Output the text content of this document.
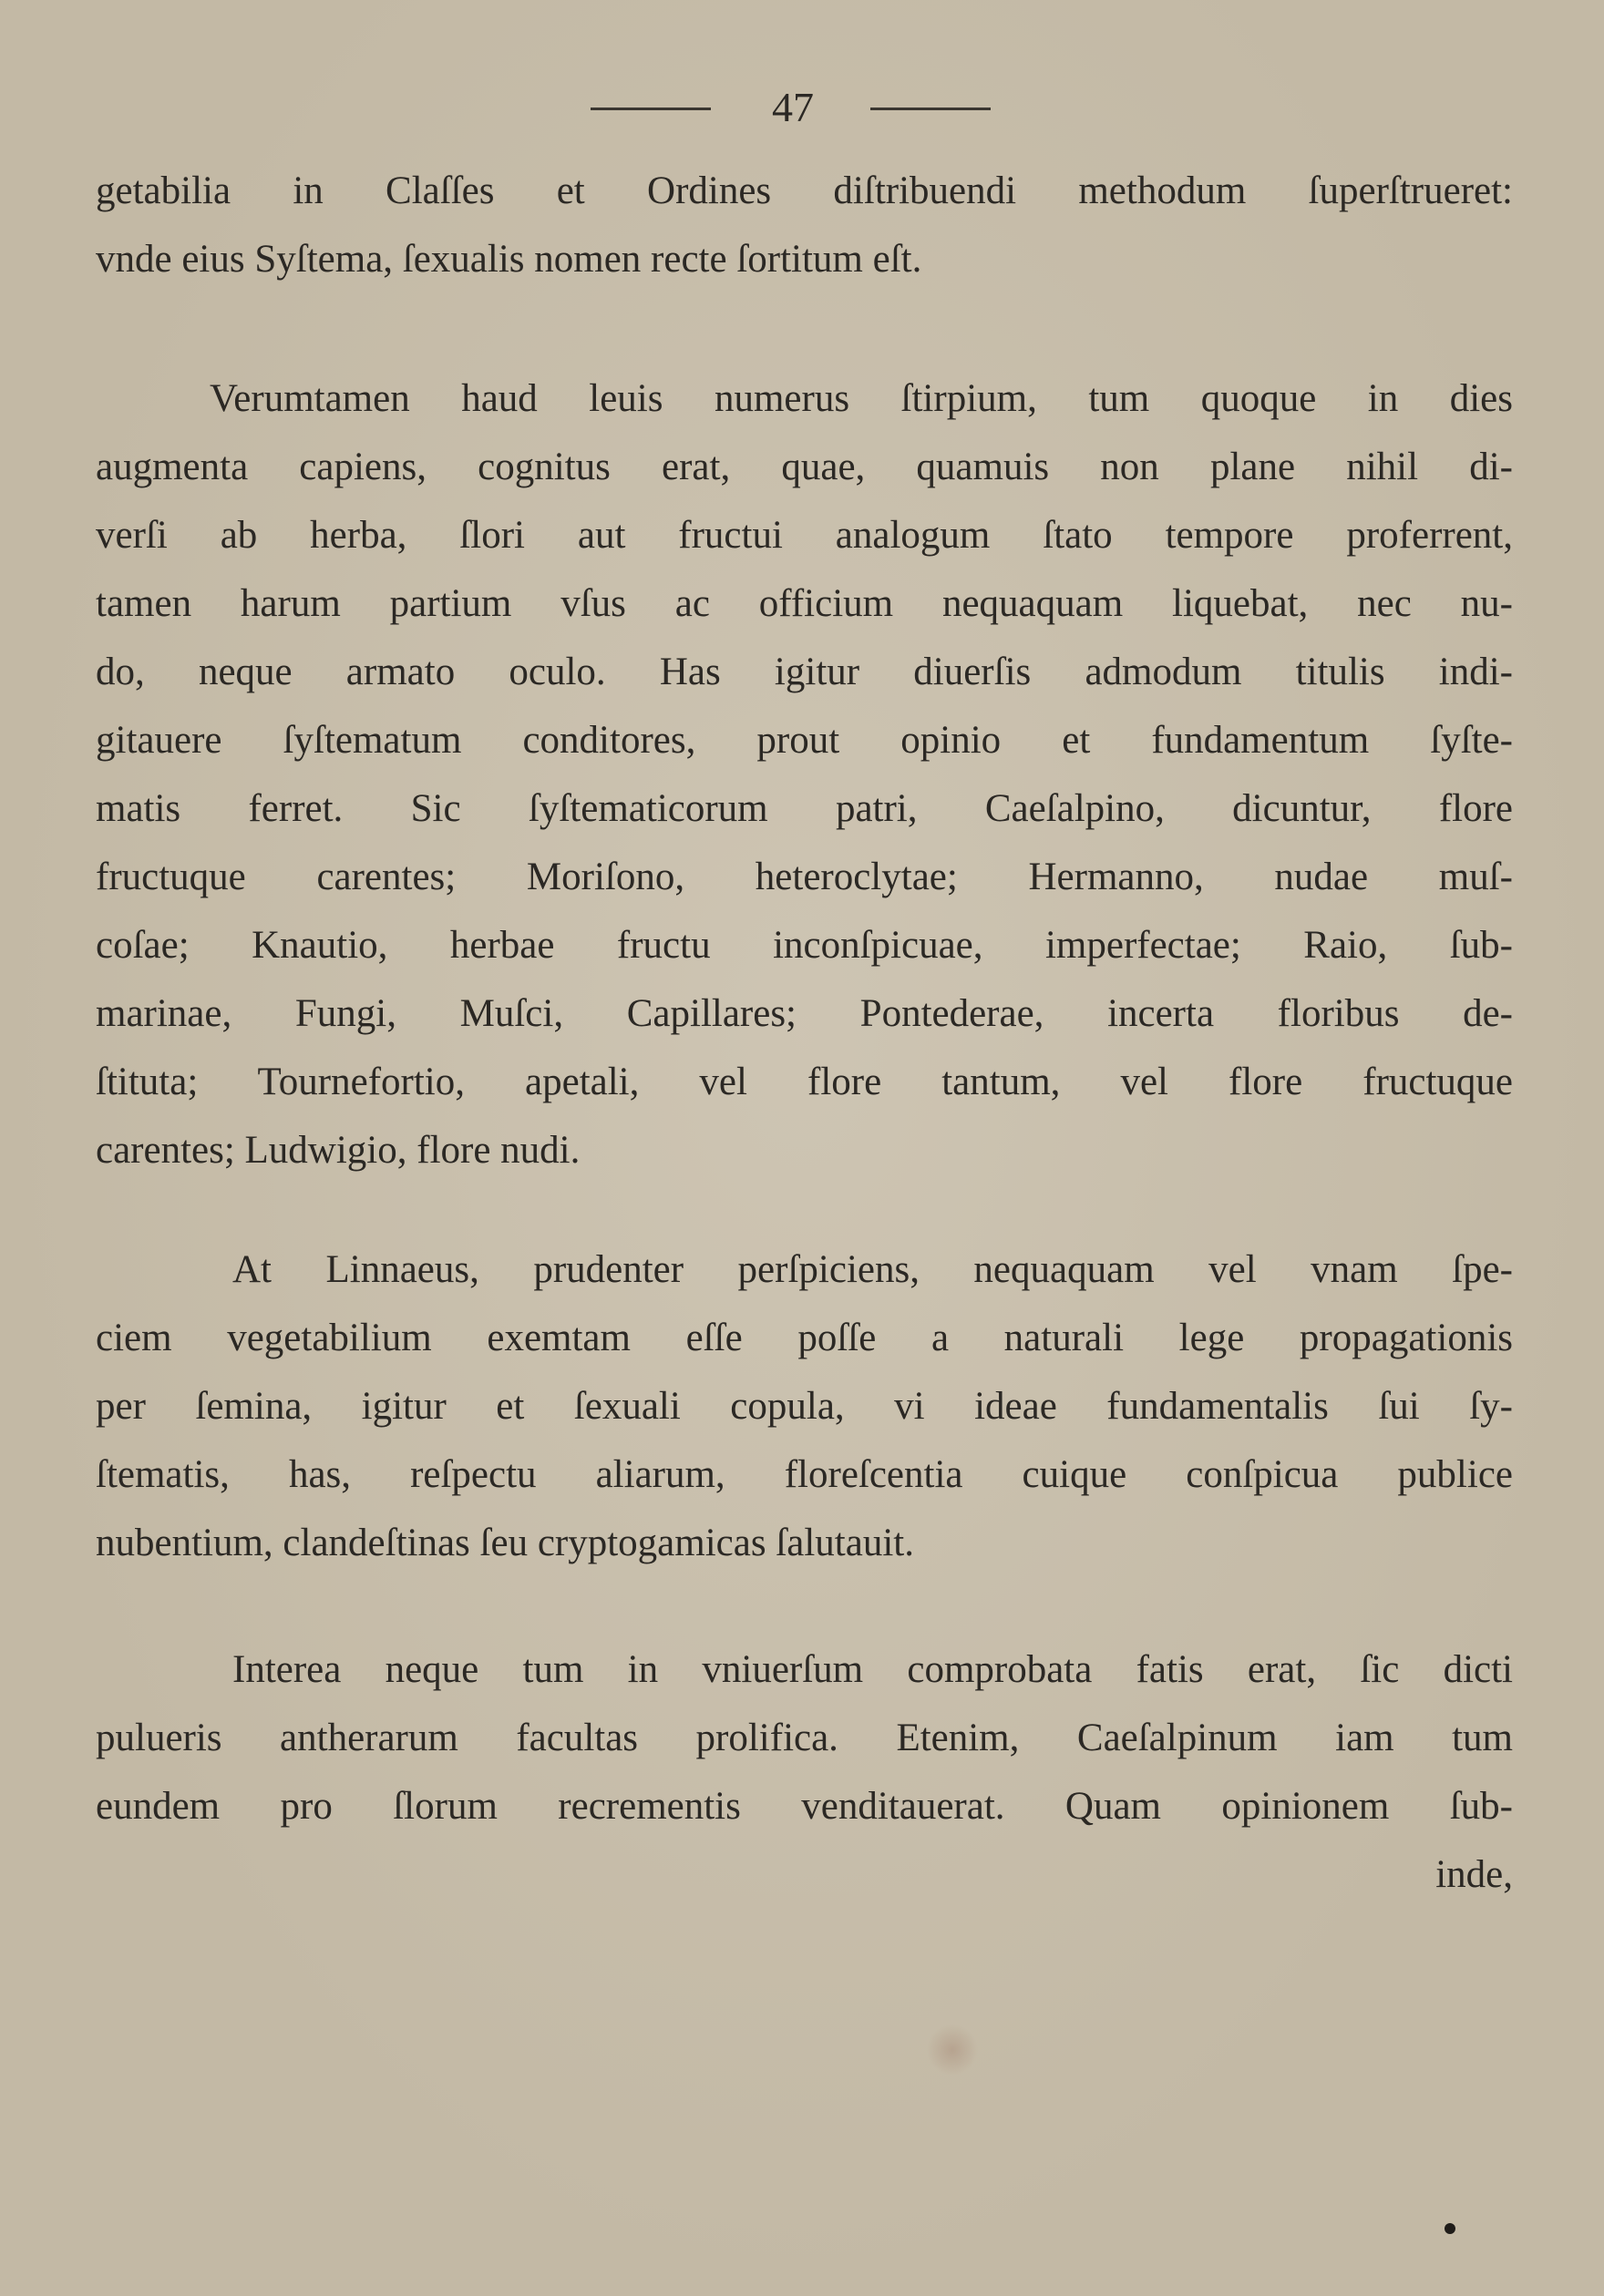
47
getabilia in Claſſes et Ordines diſtribuendi methodum ſuperſtrueret:
vnde eius Syſtema, ſexualis nomen recte ſortitum eſt.
Verumtamen haud leuis numerus ſtirpium, tum quoque in dies
augmenta capiens, cognitus erat, quae, quamuis non plane nihil di-
verſi ab herba, ſlori aut fructui analogum ſtato tempore proferrent,
tamen harum partium vſus ac officium nequaquam liquebat, nec nu-
do, neque armato oculo. Has igitur diuerſis admodum titulis indi-
gitauere ſyſtematum conditores, prout opinio et fundamentum ſyſte-
matis ferret. Sic ſyſtematicorum patri, Caeſalpino, dicuntur, flore
fructuque carentes; Moriſono, heteroclytae; Hermanno, nudae muſ-
coſae; Knautio, herbae fructu inconſpicuae, imperfectae; Raio, ſub-
marinae, Fungi, Muſci, Capillares; Pontederae, incerta floribus de-
ſtituta; Tournefortio, apetali, vel flore tantum, vel flore fructuque
carentes; Ludwigio, flore nudi.
At Linnaeus, prudenter perſpiciens, nequaquam vel vnam ſpe-
ciem vegetabilium exemtam eſſe poſſe a naturali lege propagationis
per ſemina, igitur et ſexuali copula, vi ideae fundamentalis ſui ſy-
ſtematis, has, reſpectu aliarum, floreſcentia cuique conſpicua publice
nubentium, clandeſtinas ſeu cryptogamicas ſalutauit.
Interea neque tum in vniuerſum comprobata fatis erat, ſic dicti
pulueris antherarum facultas prolifica. Etenim, Caeſalpinum iam tum
eundem pro ſlorum recrementis venditauerat. Quam opinionem ſub-
inde,
